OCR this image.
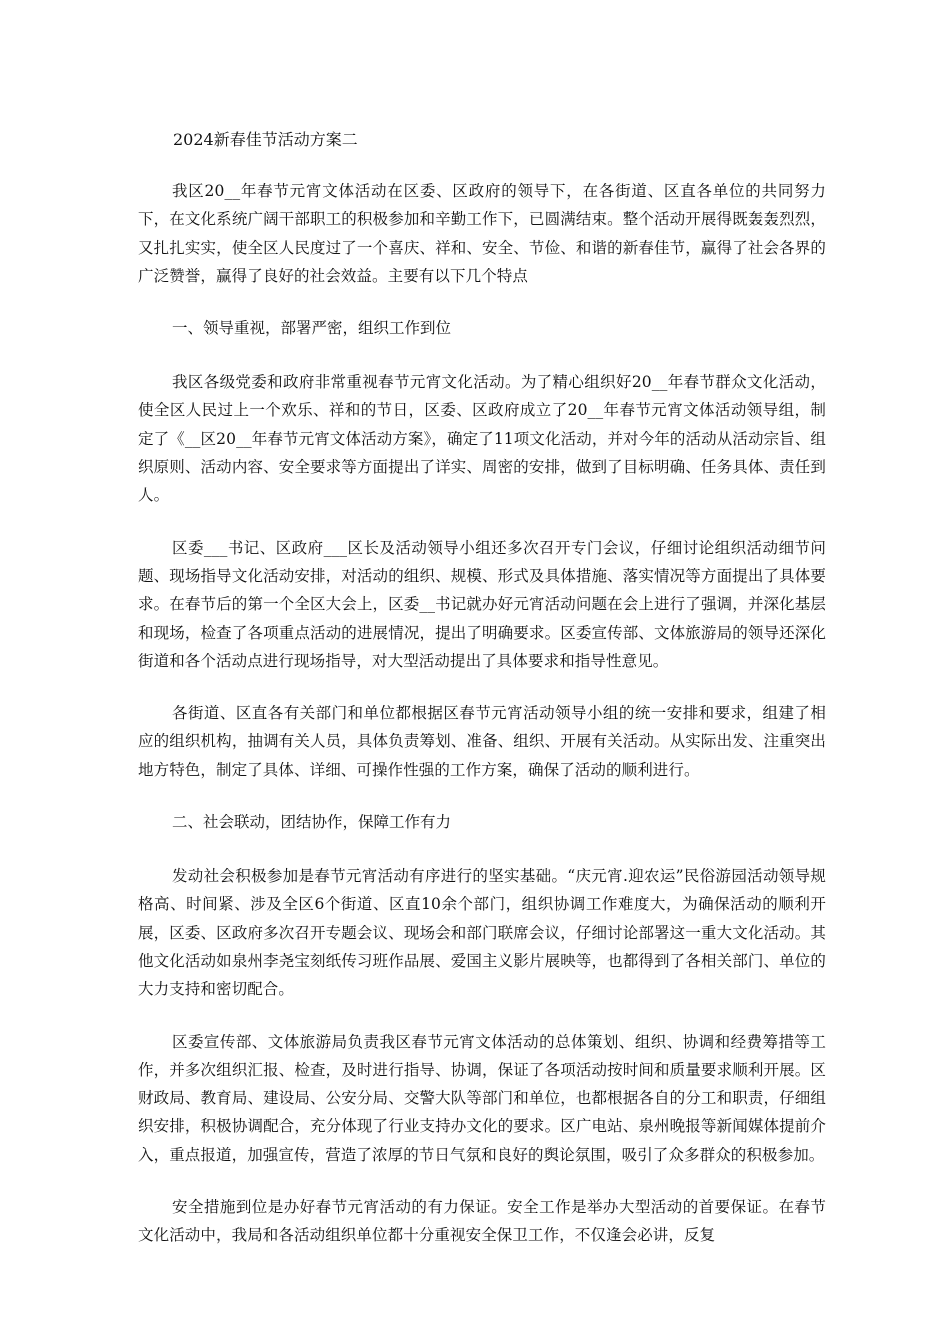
2024新春佳节活动方案二

我区20__年春节元宵文体活动在区委、区政府的领导下，在各街道、区直各单位的共同努力下，在文化系统广阔干部职工的积极参加和辛勤工作下，已圆满结束。整个活动开展得既轰轰烈烈，又扎扎实实，使全区人民度过了一个喜庆、祥和、安全、节俭、和谐的新春佳节，赢得了社会各界的广泛赞誉，赢得了良好的社会效益。主要有以下几个特点

一、领导重视，部署严密，组织工作到位

我区各级党委和政府非常重视春节元宵文化活动。为了精心组织好20__年春节群众文化活动，使全区人民过上一个欢乐、祥和的节日，区委、区政府成立了20__年春节元宵文体活动领导组，制定了《__区20__年春节元宵文体活动方案》，确定了11项文化活动，并对今年的活动从活动宗旨、组织原则、活动内容、安全要求等方面提出了详实、周密的安排，做到了目标明确、任务具体、责任到人。

区委___书记、区政府___区长及活动领导小组还多次召开专门会议，仔细讨论组织活动细节问题、现场指导文化活动安排，对活动的组织、规模、形式及具体措施、落实情况等方面提出了具体要求。在春节后的第一个全区大会上，区委__书记就办好元宵活动问题在会上进行了强调，并深化基层和现场，检查了各项重点活动的进展情况，提出了明确要求。区委宣传部、文体旅游局的领导还深化街道和各个活动点进行现场指导，对大型活动提出了具体要求和指导性意见。

各街道、区直各有关部门和单位都根据区春节元宵活动领导小组的统一安排和要求，组建了相应的组织机构，抽调有关人员，具体负责筹划、准备、组织、开展有关活动。从实际出发、注重突出地方特色，制定了具体、详细、可操作性强的工作方案，确保了活动的顺利进行。

二、社会联动，团结协作，保障工作有力

发动社会积极参加是春节元宵活动有序进行的坚实基础。“庆元宵.迎农运”民俗游园活动领导规格高、时间紧、涉及全区6个街道、区直10余个部门，组织协调工作难度大，为确保活动的顺利开展，区委、区政府多次召开专题会议、现场会和部门联席会议，仔细讨论部署这一重大文化活动。其他文化活动如泉州李尧宝刻纸传习班作品展、爱国主义影片展映等，也都得到了各相关部门、单位的大力支持和密切配合。

区委宣传部、文体旅游局负责我区春节元宵文体活动的总体策划、组织、协调和经费筹措等工作，并多次组织汇报、检查，及时进行指导、协调，保证了各项活动按时间和质量要求顺利开展。区财政局、教育局、建设局、公安分局、交警大队等部门和单位，也都根据各自的分工和职责，仔细组织安排，积极协调配合，充分体现了行业支持办文化的要求。区广电站、泉州晚报等新闻媒体提前介入，重点报道，加强宣传，营造了浓厚的节日气氛和良好的舆论氛围，吸引了众多群众的积极参加。

安全措施到位是办好春节元宵活动的有力保证。安全工作是举办大型活动的首要保证。在春节文化活动中，我局和各活动组织单位都十分重视安全保卫工作，不仅逢会必讲，反复
